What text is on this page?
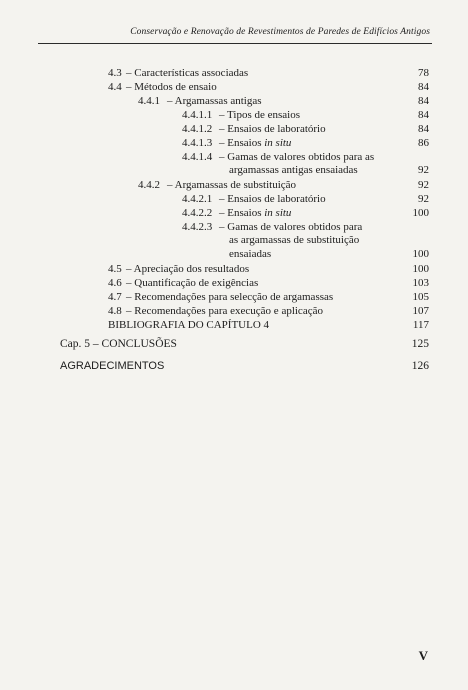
Conservação e Renovação de Revestimentos de Paredes de Edifícios Antigos
4.3 – Características associadas	78
4.4 – Métodos de ensaio	84
4.4.1 – Argamassas antigas	84
4.4.1.1 – Tipos de ensaios	84
4.4.1.2 – Ensaios de laboratório	84
4.4.1.3 – Ensaios in situ	86
4.4.1.4 – Gamas de valores obtidos para as
argamassas antigas ensaiadas	92
4.4.2 – Argamassas de substituição	92
4.4.2.1 – Ensaios de laboratório	92
4.4.2.2 – Ensaios in situ	100
4.4.2.3 – Gamas de valores obtidos para
as argamassas de substituição
ensaiadas	100
4.5 – Apreciação dos resultados	100
4.6 – Quantificação de exigências	103
4.7 – Recomendações para selecção de argamassas	105
4.8 – Recomendações para execução e aplicação	107
BIBLIOGRAFIA DO CAPÍTULO 4	117
Cap. 5 – CONCLUSÕES	125
AGRADECIMENTOS	126
V
